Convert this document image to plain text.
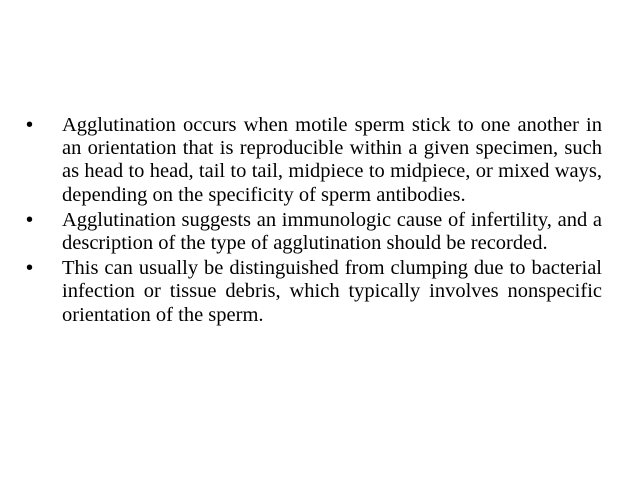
• Agglutination occurs when motile sperm stick to one another in an orientation that is reproducible within a given specimen, such as head to head, tail to tail, midpiece to midpiece, or mixed ways, depending on the specificity of sperm antibodies.
• Agglutination suggests an immunologic cause of infertility, and a description of the type of agglutination should be recorded.
• This can usually be distinguished from clumping due to bacterial infection or tissue debris, which typically involves nonspecific orientation of the sperm.
